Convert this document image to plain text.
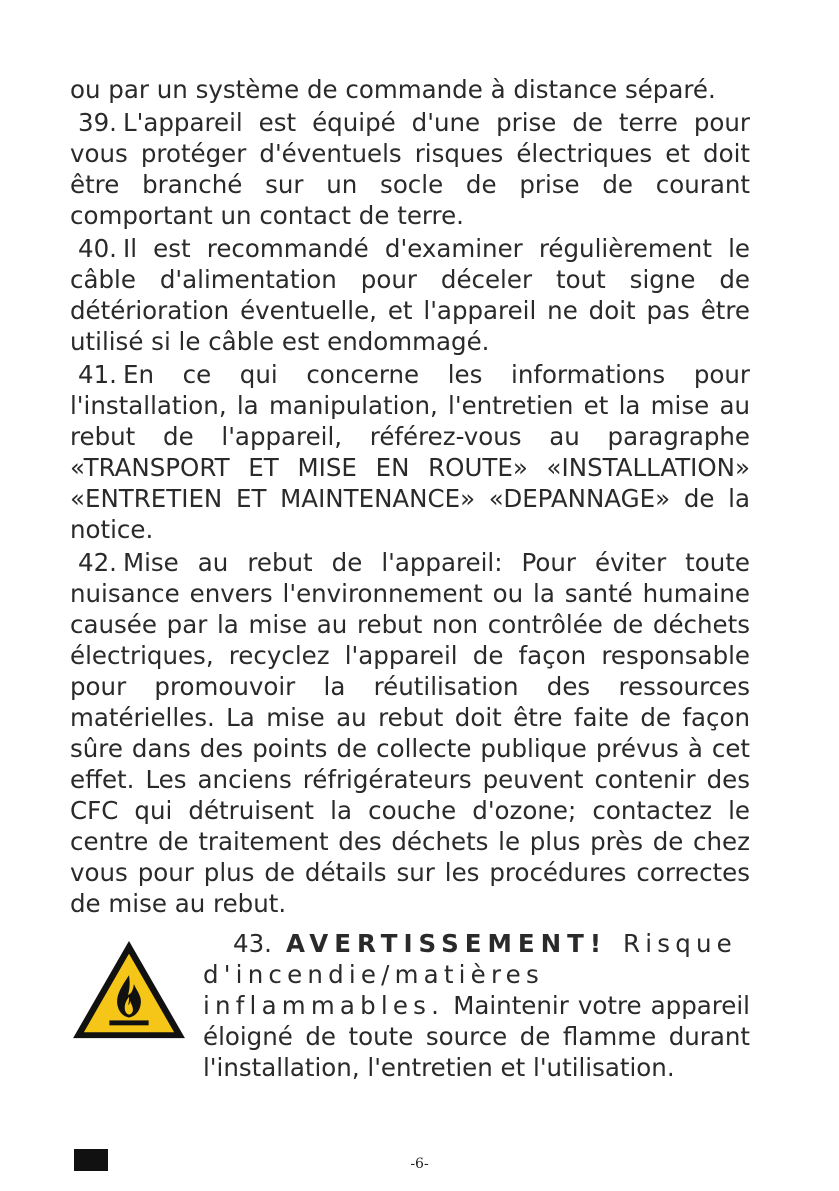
ou par un système de commande à distance séparé.

39. L'appareil est équipé d'une prise de terre pour vous protéger d'éventuels risques électriques et doit être branché sur un socle de prise de courant comportant un contact de terre.

40. Il est recommandé d'examiner régulièrement le câble d'alimentation pour déceler tout signe de détérioration éventuelle, et l'appareil ne doit pas être utilisé si le câble est endommagé.

41. En ce qui concerne les informations pour l'installation, la manipulation, l'entretien et la mise au rebut de l'appareil, référez-vous au paragraphe «TRANSPORT ET MISE EN ROUTE» «INSTALLATION» «ENTRETIEN ET MAINTENANCE» «DEPANNAGE» de la notice.

42. Mise au rebut de l'appareil: Pour éviter toute nuisance envers l'environnement ou la santé humaine causée par la mise au rebut non contrôlée de déchets électriques, recyclez l'appareil de façon responsable pour promouvoir la réutilisation des ressources matérielles. La mise au rebut doit être faite de façon sûre dans des points de collecte publique prévus à cet effet. Les anciens réfrigérateurs peuvent contenir des CFC qui détruisent la couche d'ozone; contactez le centre de traitement des déchets le plus près de chez vous pour plus de détails sur les procédures correctes de mise au rebut.

43. AVERTISSEMENT! Risque d'incendie/matières inflammables. Maintenir votre appareil éloigné de toute source de flamme durant l'installation, l'entretien et l'utilisation.
-6-
